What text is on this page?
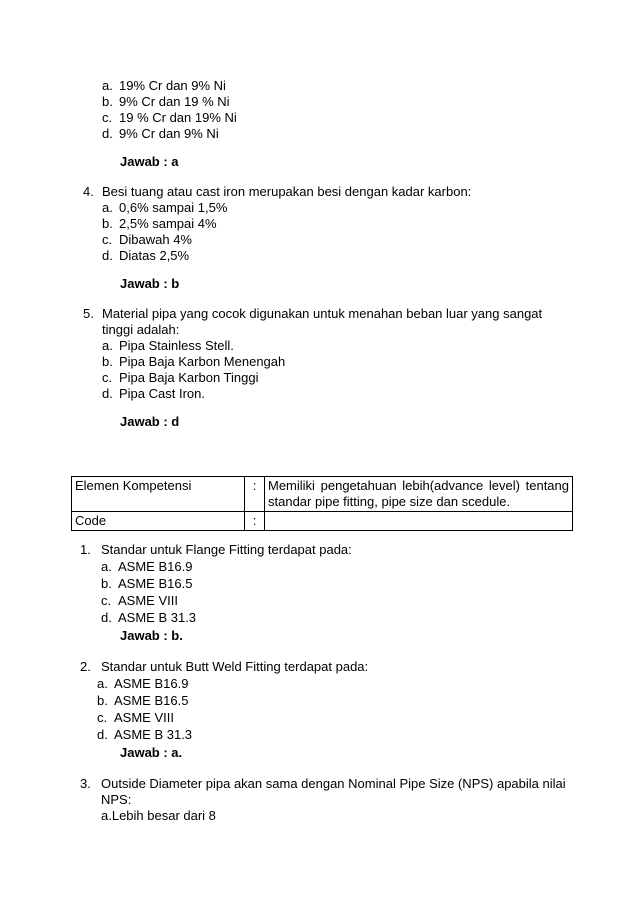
a. 19% Cr dan 9% Ni
b. 9% Cr dan 19 % Ni
c. 19 % Cr dan 19% Ni
d. 9% Cr dan 9% Ni
Jawab : a
4. Besi tuang atau cast iron merupakan besi dengan kadar karbon:
a. 0,6% sampai 1,5%
b. 2,5% sampai 4%
c. Dibawah 4%
d. Diatas 2,5%
Jawab : b
5. Material pipa yang cocok digunakan untuk menahan beban luar yang sangat
tinggi adalah:
a. Pipa Stainless Stell.
b. Pipa Baja Karbon Menengah
c. Pipa Baja Karbon Tinggi
d. Pipa Cast Iron.
Jawab : d
Elemen Kompetensi	:	Memiliki pengetahuan lebih(advance level) tentang
standar pipe fitting, pipe size dan scedule.

Code	:	
1. Standar untuk Flange Fitting terdapat pada:
a. ASME B16.9
b. ASME B16.5
c. ASME VIII
d. ASME B 31.3
Jawab : b.
2. Standar untuk Butt Weld Fitting terdapat pada:
a. ASME B16.9
b. ASME B16.5
c. ASME VIII
d. ASME B 31.3
Jawab : a.
3. Outside Diameter pipa akan sama dengan Nominal Pipe Size (NPS) apabila nilai
NPS:
a.Lebih besar dari 8
